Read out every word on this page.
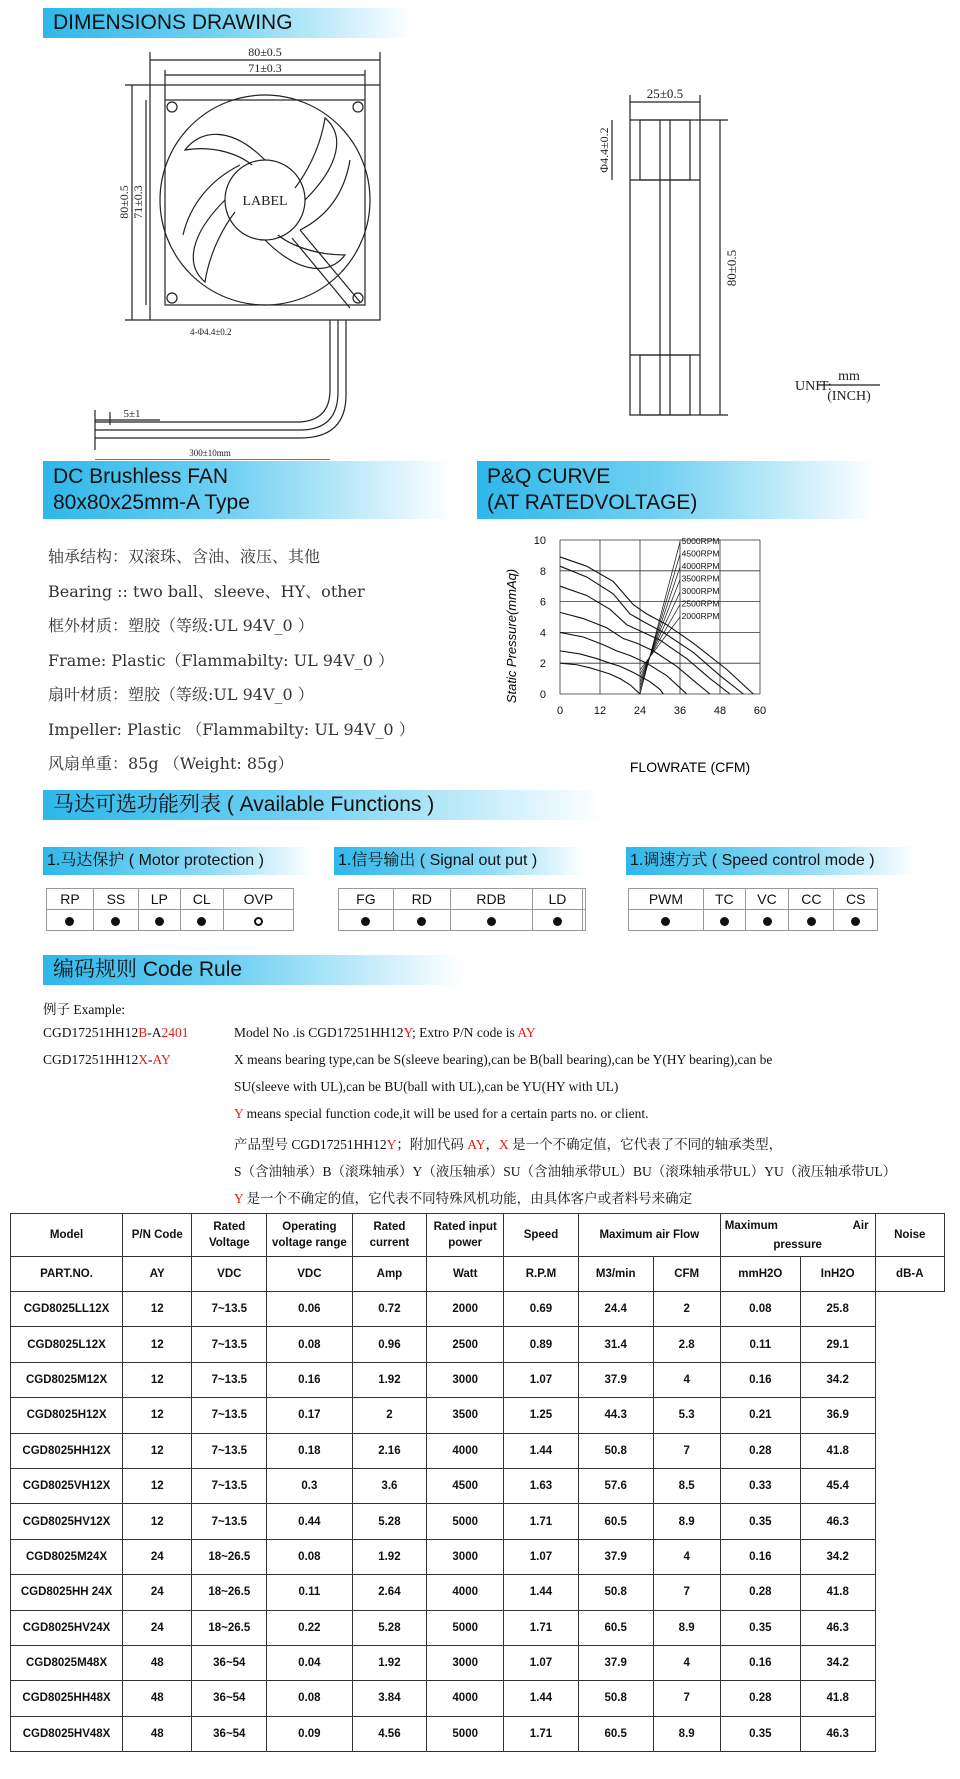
DIMENSIONS DRAWING
80±0.5
71±0.3
80±0.5 71±0.3	LABEL
4-Φ4.4±0.2
5±1
300±10mm
25±0.5
Φ4.4±0.2
80±0.5
UNIT:
mm
(INCH)
DC Brushless FAN
80x80x25mm-A Type
P&Q CURVE
(AT RATEDVOLTAGE)

轴承结构：双滚珠、含油、液压、其他

Bearing :: two ball、sleeve、HY、other

框外材质：塑胶（等级:UL 94V_0 ）

Frame: Plastic（Flammabilty: UL 94V_0 ）

扇叶材质：塑胶（等级:UL 94V_0 ）

Impeller: Plastic （Flammabilty: UL 94V_0 ）

风扇单重：85g （Weight: 85g）

5000RPM
4500RPM
4000RPM
3500RPM
3000RPM
2500RPM
2000RPM
0	12	24	36	48	60
0
2
4
6
8
10
FLOWRATE (CFM)
Static Pressure(mmAq)
马达可选功能列表 ( Available Functions )
1.马达保护 ( Motor protection )
RP	SS	LP	CL	OVP

1.信号输出 ( Signal out put )
FG	RD	RDB	LD	

1.调速方式 ( Speed control mode )
PWM	TC	VC	CC	CS

编码规则 Code Rule
例子 Example:
CGD17251HH12B-A2401	Model No .is CGD17251HH12Y; Extro P/N code is AY
CGD17251HH12X-AY	X means bearing type,can be S(sleeve bearing),can be B(ball bearing),can be Y(HY bearing),can be
SU(sleeve with UL),can be BU(ball with UL),can be YU(HY with UL)
Y means special function code,it will be used for a certain parts no. or client.
产品型号 CGD17251HH12Y；附加代码 AY，X 是一个不确定值，它代表了不同的轴承类型，
S（含油轴承）B（滚珠轴承）Y（液压轴承）SU（含油轴承带UL）BU（滚珠轴承带UL）YU（液压轴承带UL）
Y 是一个不确定的值，它代表不同特殊风机功能，由具体客户或者料号来确定
Model	P/N Code	Rated Voltage	Operating voltage range	Rated current	Rated input power	Speed	Maximum air Flow		Maximum Air
pressure		Noise
PART.NO.	AY	VDC	VDC	Amp	Watt	R.P.M	M3/min	CFM	mmH2O	InH2O	dB-A
CGD8025LL12X	12	7~13.5	0.06	0.72	2000	0.69	24.4	2	0.08	25.8	
CGD8025L12X	12	7~13.5	0.08	0.96	2500	0.89	31.4	2.8	0.11	29.1	
CGD8025M12X	12	7~13.5	0.16	1.92	3000	1.07	37.9	4	0.16	34.2	
CGD8025H12X	12	7~13.5	0.17	2	3500	1.25	44.3	5.3	0.21	36.9	
CGD8025HH12X	12	7~13.5	0.18	2.16	4000	1.44	50.8	7	0.28	41.8	
CGD8025VH12X	12	7~13.5	0.3	3.6	4500	1.63	57.6	8.5	0.33	45.4	
CGD8025HV12X	12	7~13.5	0.44	5.28	5000	1.71	60.5	8.9	0.35	46.3	
CGD8025M24X	24	18~26.5	0.08	1.92	3000	1.07	37.9	4	0.16	34.2	
CGD8025HH 24X	24	18~26.5	0.11	2.64	4000	1.44	50.8	7	0.28	41.8	
CGD8025HV24X	24	18~26.5	0.22	5.28	5000	1.71	60.5	8.9	0.35	46.3	
CGD8025M48X	48	36~54	0.04	1.92	3000	1.07	37.9	4	0.16	34.2	
CGD8025HH48X	48	36~54	0.08	3.84	4000	1.44	50.8	7	0.28	41.8	
CGD8025HV48X	48	36~54	0.09	4.56	5000	1.71	60.5	8.9	0.35	46.3	
